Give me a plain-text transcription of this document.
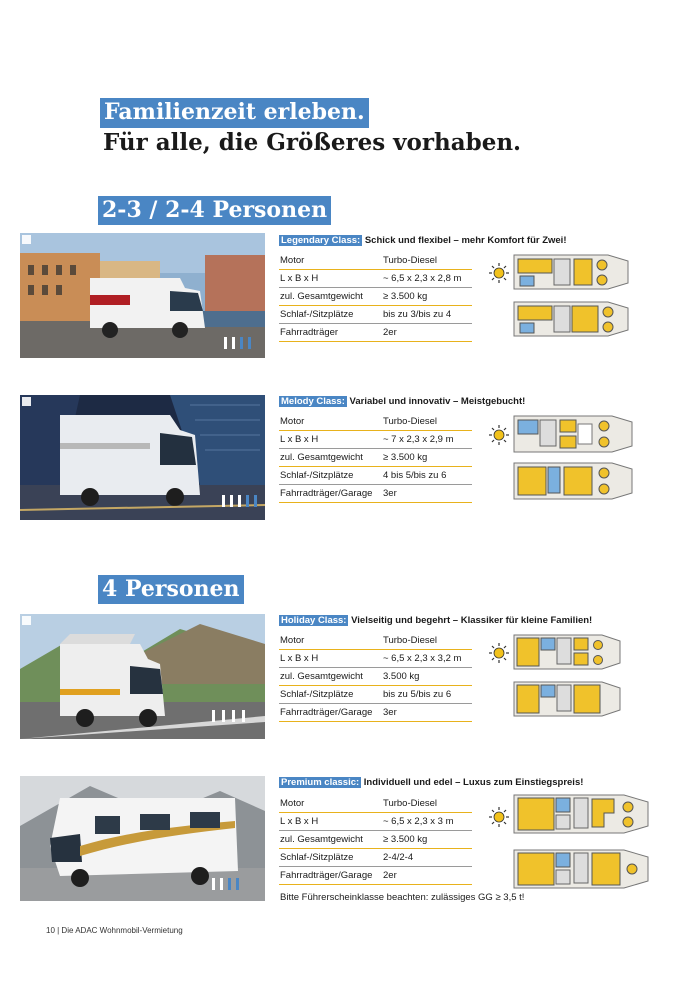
Familienzeit erleben.
Für alle, die Größeres vorhaben.
2-3 / 2-4 Personen
Legendary Class: Schick und flexibel – mehr Komfort für Zwei!
Motor	Turbo-Diesel
L x B x H	~ 6,5 x 2,3 x 2,8 m
zul. Gesamtgewicht	≥ 3.500 kg
Schlaf-/Sitzplätze	bis zu 3/bis zu 4
Fahrradträger	2er
Melody Class: Variabel und innovativ – Meistgebucht!
Motor	Turbo-Diesel
L x B x H	~ 7 x 2,3 x 2,9 m
zul. Gesamtgewicht	≥ 3.500 kg
Schlaf-/Sitzplätze	4 bis 5/bis zu 6
Fahrradträger/Garage	3er
4 Personen
Holiday Class: Vielseitig und begehrt – Klassiker für kleine Familien!
Motor	Turbo-Diesel
L x B x H	~ 6,5 x 2,3 x 3,2 m
zul. Gesamtgewicht	3.500 kg
Schlaf-/Sitzplätze	bis zu 5/bis zu 6
Fahrradträger/Garage	3er
Premium classic: Individuell und edel – Luxus zum Einstiegspreis!
Motor	Turbo-Diesel
L x B x H	~ 6,5 x 2,3 x 3 m
zul. Gesamtgewicht	≥ 3.500 kg
Schlaf-/Sitzplätze	2-4/2-4
Fahrradträger/Garage	2er
Bitte Führerscheinklasse beachten: zulässiges GG ≥ 3,5 t!
10 | Die ADAC Wohnmobil-Vermietung
